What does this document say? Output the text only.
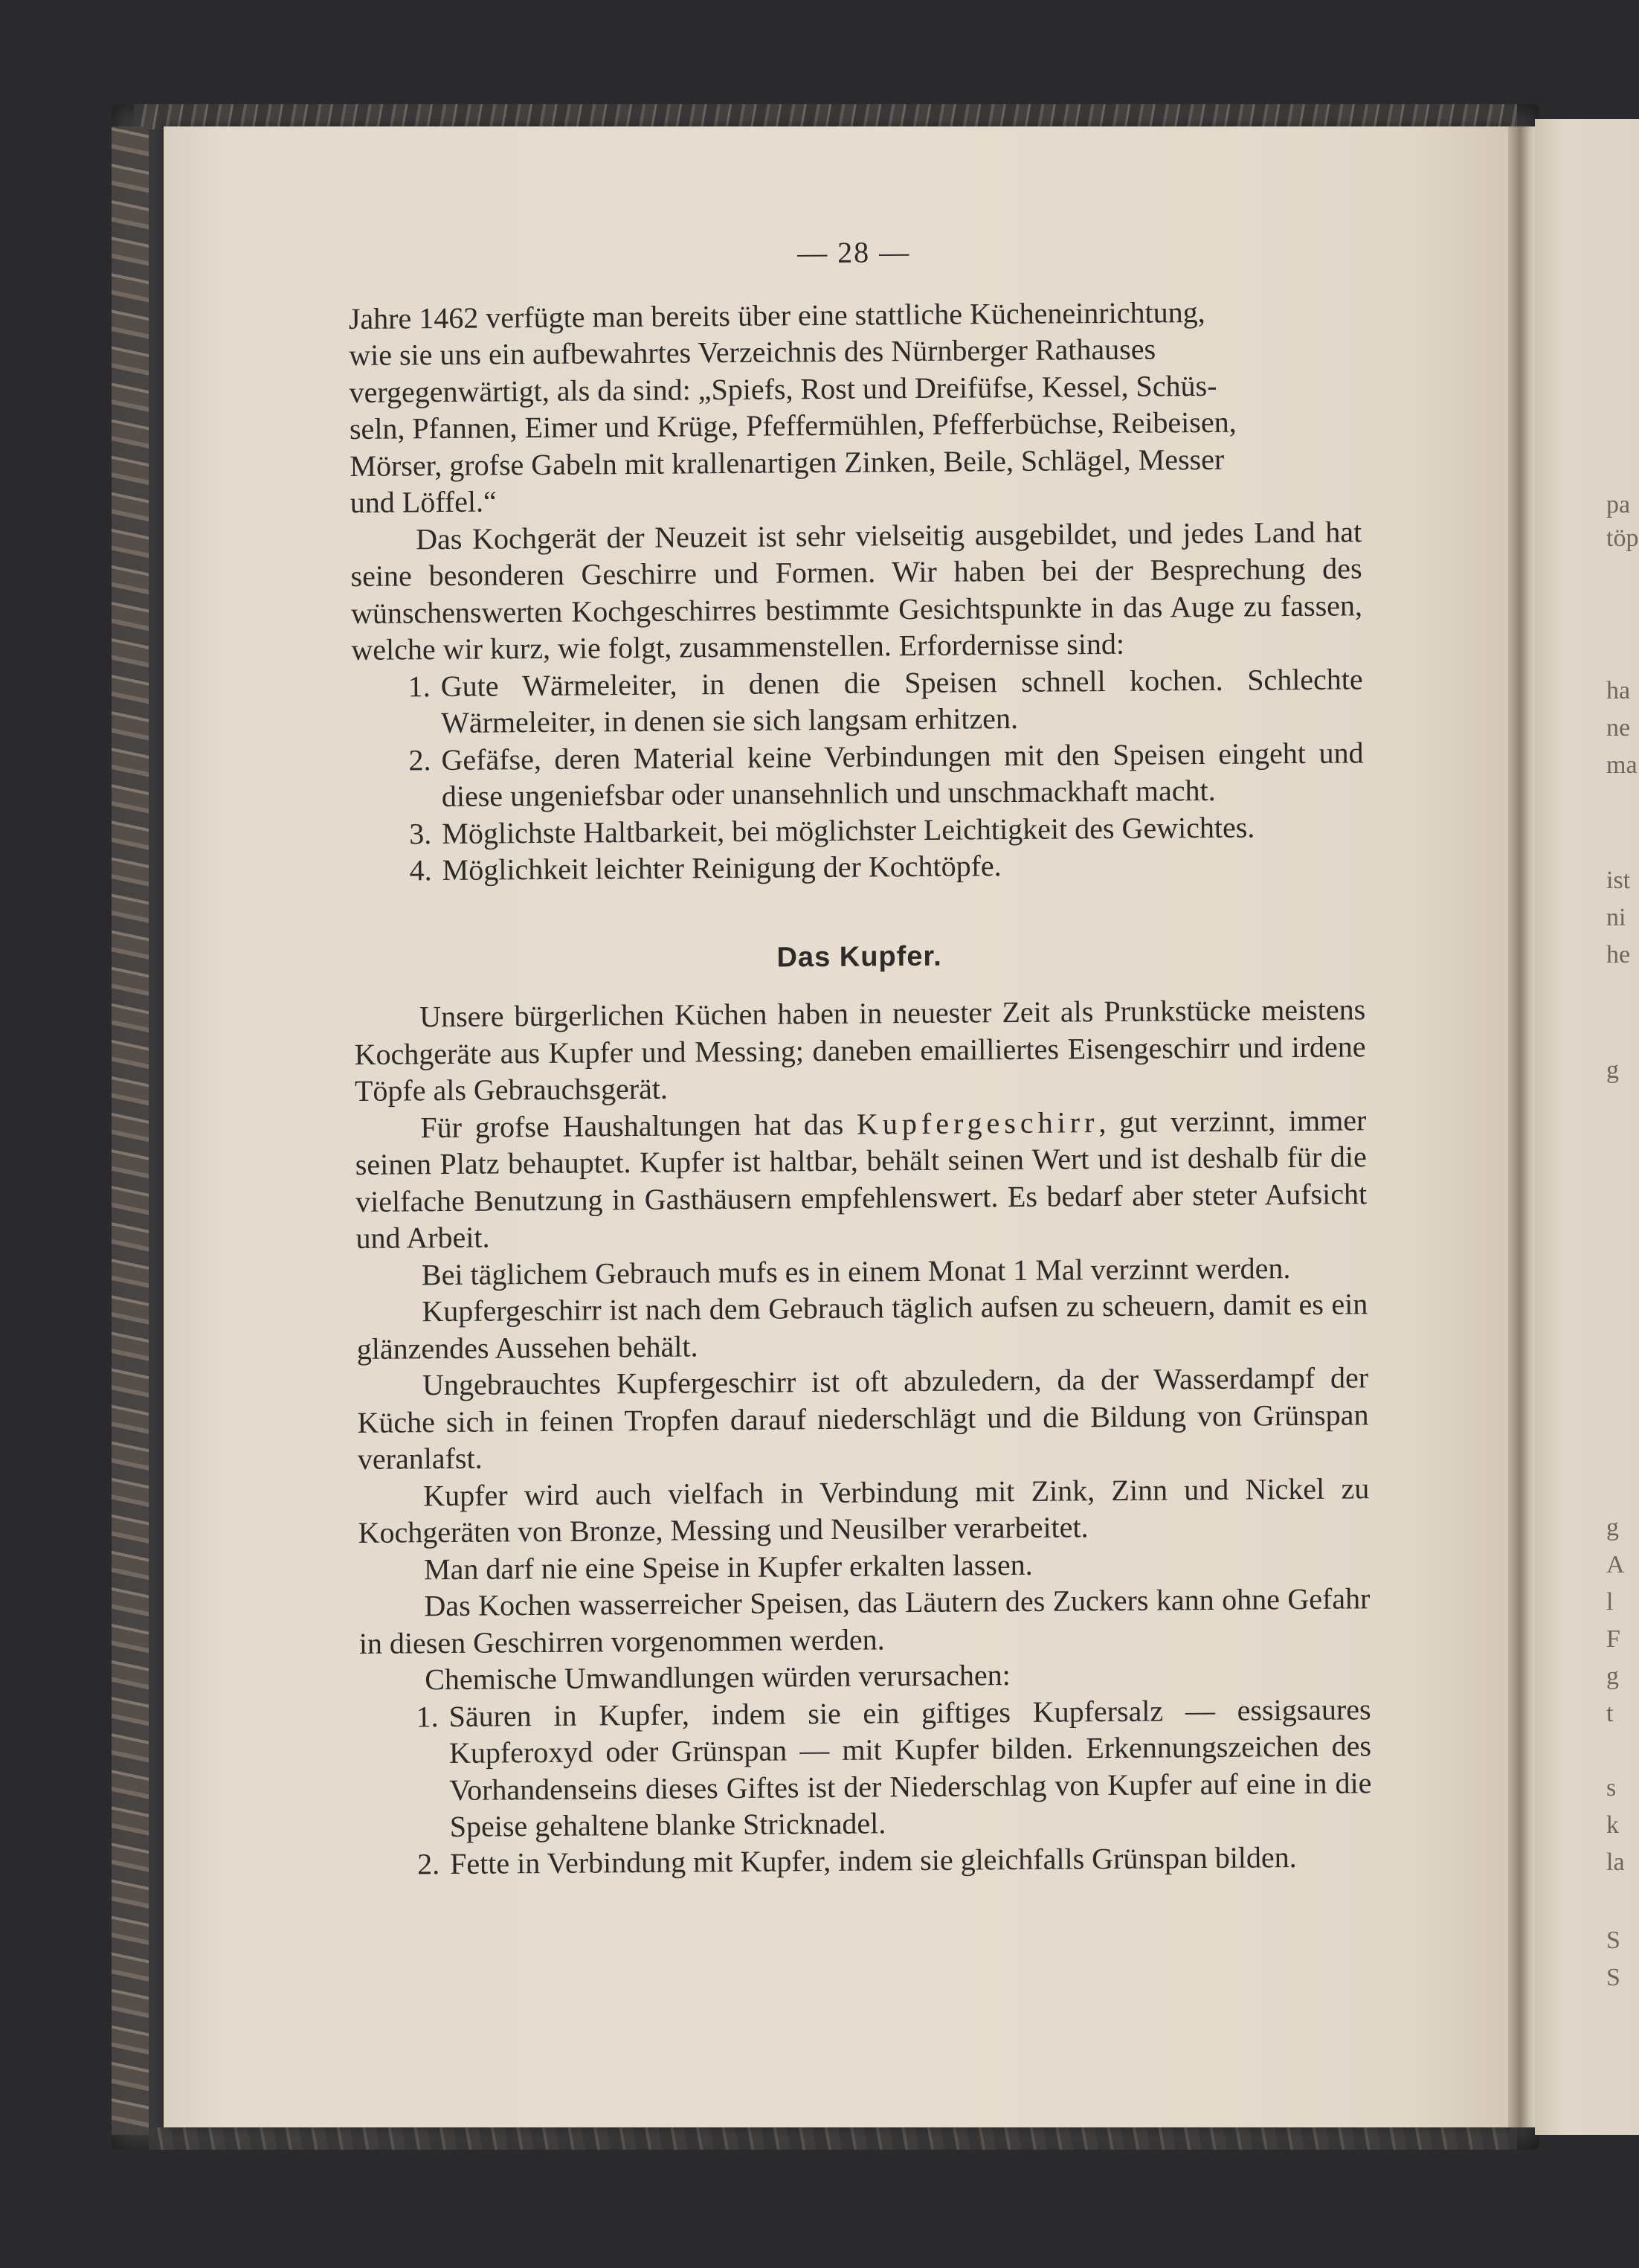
pa
töp
ha
ne
ma
ist
ni
he
g
g
A
l
F
g
t
s
k
la
S
S
— 28 —
Jahre 1462 verfügte man bereits über eine stattliche Kücheneinrichtung,
wie sie uns ein aufbewahrtes Verzeichnis des Nürnberger Rathauses
vergegenwärtigt, als da sind: „Spiefs, Rost und Dreifüfse, Kessel, Schüs-
seln, Pfannen, Eimer und Krüge, Pfeffermühlen, Pfefferbüchse, Reibeisen,
Mörser, grofse Gabeln mit krallenartigen Zinken, Beile, Schlägel, Messer
und Löffel.“

Das Kochgerät der Neuzeit ist sehr vielseitig ausgebildet, und jedes Land hat seine besonderen Geschirre und Formen. Wir haben bei der Besprechung des wünschenswerten Kochgeschirres bestimmte Gesichtspunkte in das Auge zu fassen, welche wir kurz, wie folgt, zusammenstellen. Erfordernisse sind:

1. Gute Wärmeleiter, in denen die Speisen schnell kochen. Schlechte Wärmeleiter, in denen sie sich langsam erhitzen.
2. Gefäfse, deren Material keine Verbindungen mit den Speisen eingeht und diese ungeniefsbar oder unansehnlich und unschmackhaft macht.
3. Möglichste Haltbarkeit, bei möglichster Leichtigkeit des Gewichtes.
4. Möglichkeit leichter Reinigung der Kochtöpfe.
Das Kupfer.

Unsere bürgerlichen Küchen haben in neuester Zeit als Prunkstücke meistens Kochgeräte aus Kupfer und Messing; daneben emailliertes Eisengeschirr und irdene Töpfe als Gebrauchsgerät.

Für grofse Haushaltungen hat das Kupfergeschirr, gut verzinnt, immer seinen Platz behauptet. Kupfer ist haltbar, behält seinen Wert und ist deshalb für die vielfache Benutzung in Gasthäusern empfehlenswert. Es bedarf aber steter Aufsicht und Arbeit.

Bei täglichem Gebrauch mufs es in einem Monat 1 Mal verzinnt werden.

Kupfergeschirr ist nach dem Gebrauch täglich aufsen zu scheuern, damit es ein glänzendes Aussehen behält.

Ungebrauchtes Kupfergeschirr ist oft abzuledern, da der Wasserdampf der Küche sich in feinen Tropfen darauf niederschlägt und die Bildung von Grünspan veranlafst.

Kupfer wird auch vielfach in Verbindung mit Zink, Zinn und Nickel zu Kochgeräten von Bronze, Messing und Neusilber verarbeitet.

Man darf nie eine Speise in Kupfer erkalten lassen.

Das Kochen wasserreicher Speisen, das Läutern des Zuckers kann ohne Gefahr in diesen Geschirren vorgenommen werden.

Chemische Umwandlungen würden verursachen:

1. Säuren in Kupfer, indem sie ein giftiges Kupfersalz — essigsaures Kupferoxyd oder Grünspan — mit Kupfer bilden. Erkennungszeichen des Vorhandenseins dieses Giftes ist der Niederschlag von Kupfer auf eine in die Speise gehaltene blanke Stricknadel.
2. Fette in Verbindung mit Kupfer, indem sie gleichfalls Grünspan bilden.
